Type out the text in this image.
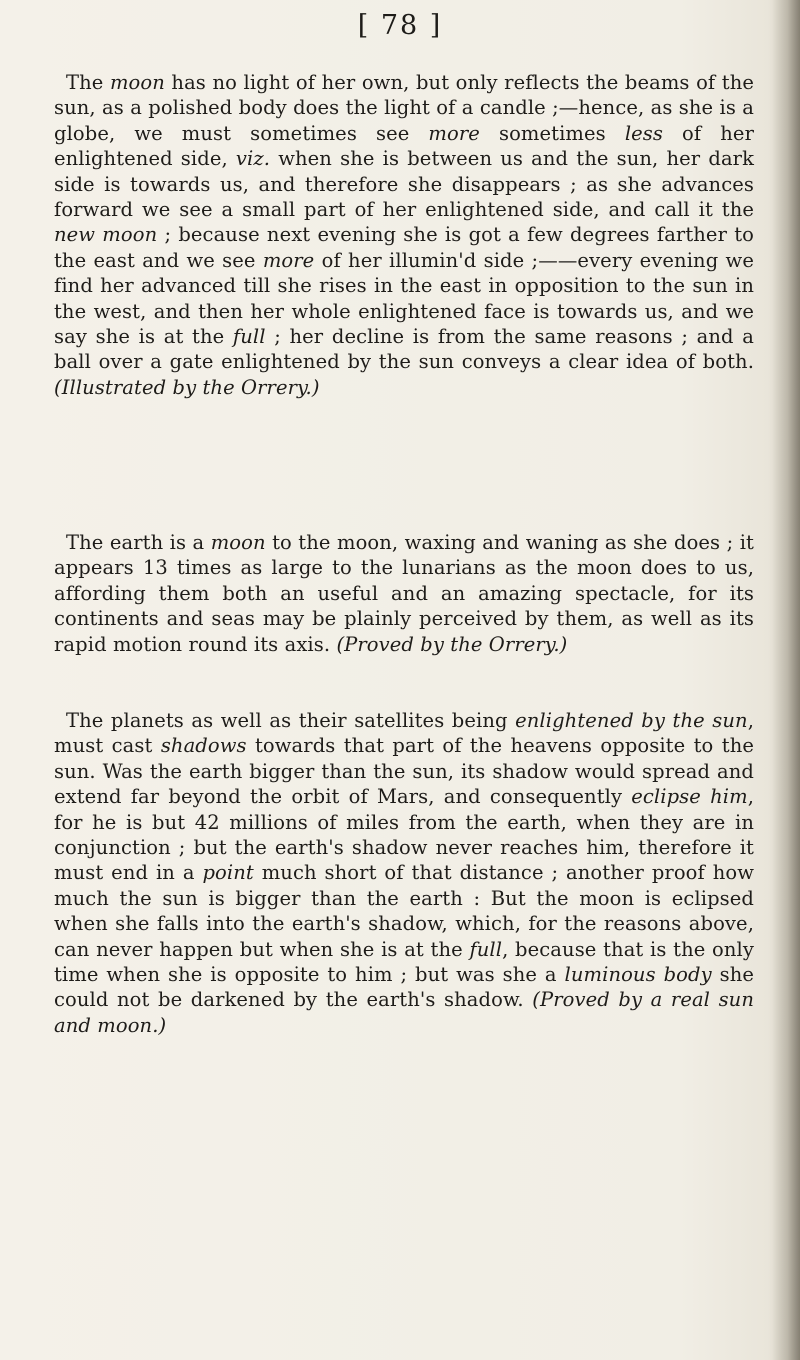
[ 78 ]

The moon has no light of her own, but only reflects the beams of the sun, as a polished body does the light of a candle ;—hence, as she is a globe, we must sometimes see more sometimes less of her enlightened side, viz. when she is between us and the sun, her dark side is towards us, and therefore she disappears ; as she advances forward we see a small part of her enlightened side, and call it the new moon ; because next evening she is got a few degrees farther to the east and we see more of her illumin'd side ;——every evening we find her advanced till she rises in the east in opposition to the sun in the west, and then her whole enlightened face is towards us, and we say she is at the full ; her decline is from the same reasons ; and a ball over a gate enlightened by the sun conveys a clear idea of both. (Illustrated by the Orrery.)

The earth is a moon to the moon, waxing and waning as she does ; it appears 13 times as large to the lunarians as the moon does to us, affording them both an useful and an amazing spectacle, for its continents and seas may be plainly perceived by them, as well as its rapid motion round its axis. (Proved by the Orrery.)

The planets as well as their satellites being enlightened by the sun, must cast shadows towards that part of the heavens opposite to the sun. Was the earth bigger than the sun, its shadow would spread and extend far beyond the orbit of Mars, and consequently eclipse him, for he is but 42 millions of miles from the earth, when they are in conjunction ; but the earth's shadow never reaches him, therefore it must end in a point much short of that distance ; another proof how much the sun is bigger than the earth : But the moon is eclipsed when she falls into the earth's shadow, which, for the reasons above, can never happen but when she is at the full, because that is the only time when she is opposite to him ; but was she a luminous body she could not be darkened by the earth's shadow. (Proved by a real sun and moon.)
